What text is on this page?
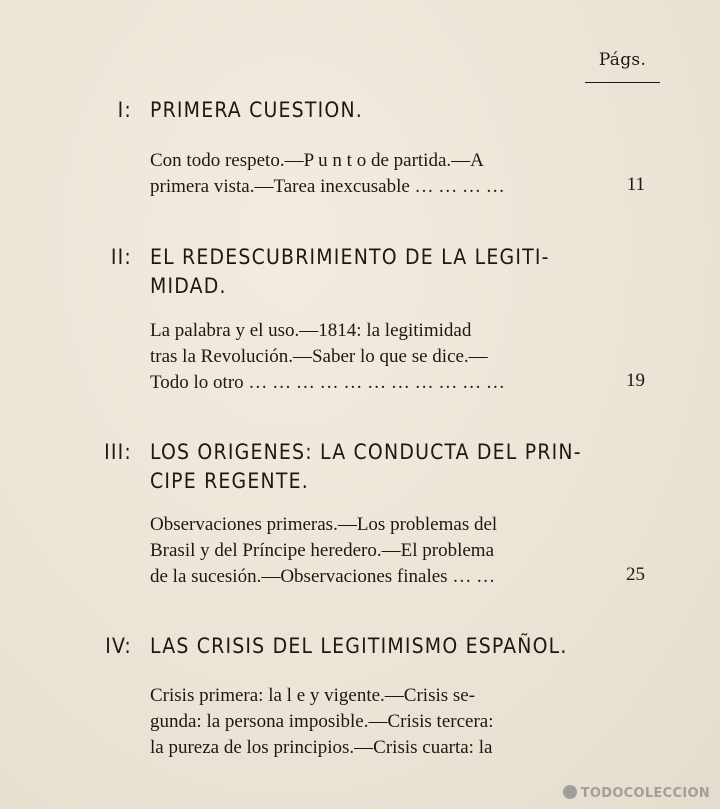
Págs.
I: PRIMERA CUESTION.
Con todo respeto.—P u n t o de partida.—A
primera vista.—Tarea inexcusable … … … …	11
II: EL REDESCUBRIMIENTO DE LA LEGITI-
MIDAD.
La palabra y el uso.—1814: la legitimidad
tras la Revolución.—Saber lo que se dice.—
Todo lo otro … … … … … … … … … … …	19
III: LOS ORIGENES: LA CONDUCTA DEL PRIN-
CIPE REGENTE.
Observaciones primeras.—Los problemas del
Brasil y del Príncipe heredero.—El problema
de la sucesión.—Observaciones finales … …	25
IV: LAS CRISIS DEL LEGITIMISMO ESPAÑOL.
Crisis primera: la l e y vigente.—Crisis se-
gunda: la persona imposible.—Crisis tercera:
la pureza de los principios.—Crisis cuarta: la
TODOCOLECCION
